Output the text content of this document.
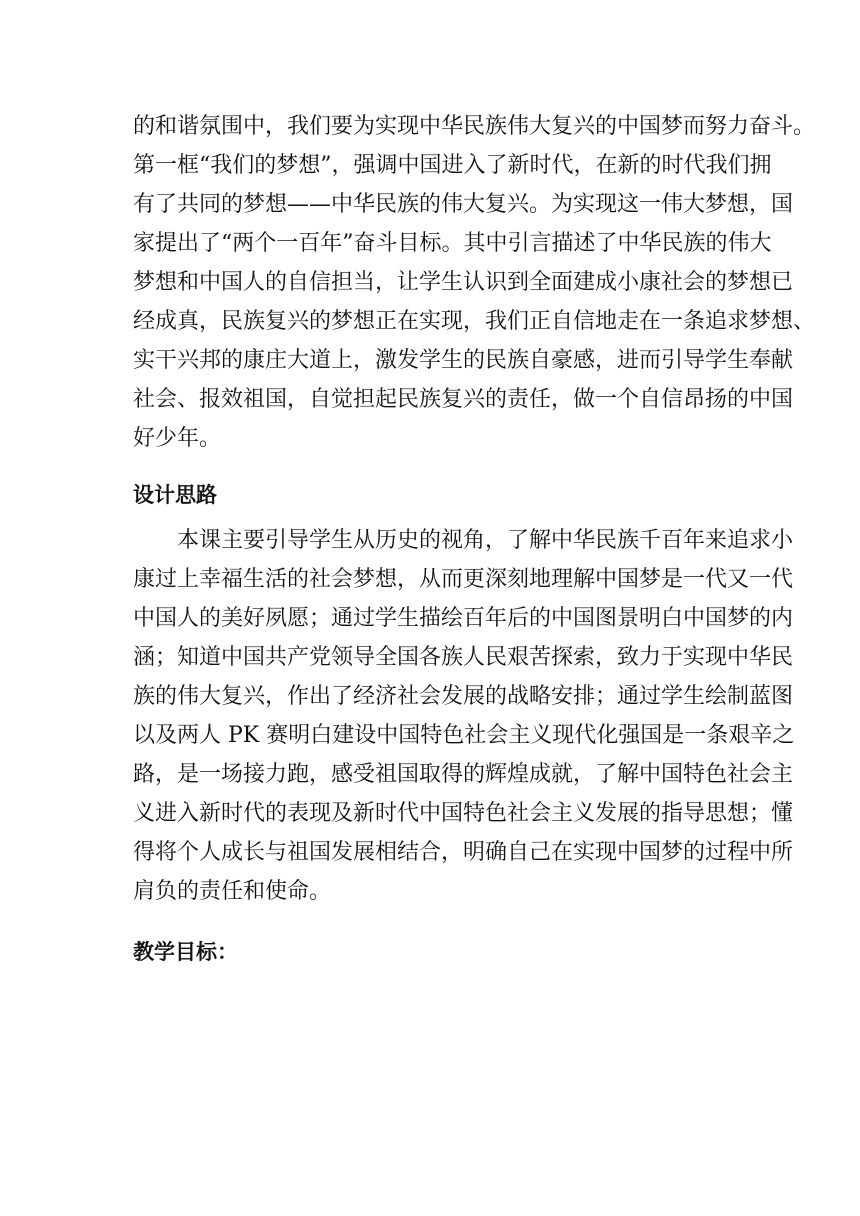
的和谐氛围中，我们要为实现中华民族伟大复兴的中国梦而努力奋斗。
第一框“我们的梦想”，强调中国进入了新时代，在新的时代我们拥
有了共同的梦想——中华民族的伟大复兴。为实现这一伟大梦想，国
家提出了“两个一百年”奋斗目标。其中引言描述了中华民族的伟大
梦想和中国人的自信担当，让学生认识到全面建成小康社会的梦想已
经成真，民族复兴的梦想正在实现，我们正自信地走在一条追求梦想、
实干兴邦的康庄大道上，激发学生的民族自豪感，进而引导学生奉献
社会、报效祖国，自觉担起民族复兴的责任，做一个自信昂扬的中国
好少年。
设计思路
本课主要引导学生从历史的视角，了解中华民族千百年来追求小
康过上幸福生活的社会梦想，从而更深刻地理解中国梦是一代又一代
中国人的美好夙愿；通过学生描绘百年后的中国图景明白中国梦的内
涵；知道中国共产党领导全国各族人民艰苦探索，致力于实现中华民
族的伟大复兴，作出了经济社会发展的战略安排；通过学生绘制蓝图
以及两人 PK 赛明白建设中国特色社会主义现代化强国是一条艰辛之
路，是一场接力跑，感受祖国取得的辉煌成就，了解中国特色社会主
义进入新时代的表现及新时代中国特色社会主义发展的指导思想；懂
得将个人成长与祖国发展相结合，明确自己在实现中国梦的过程中所
肩负的责任和使命。
教学目标：
